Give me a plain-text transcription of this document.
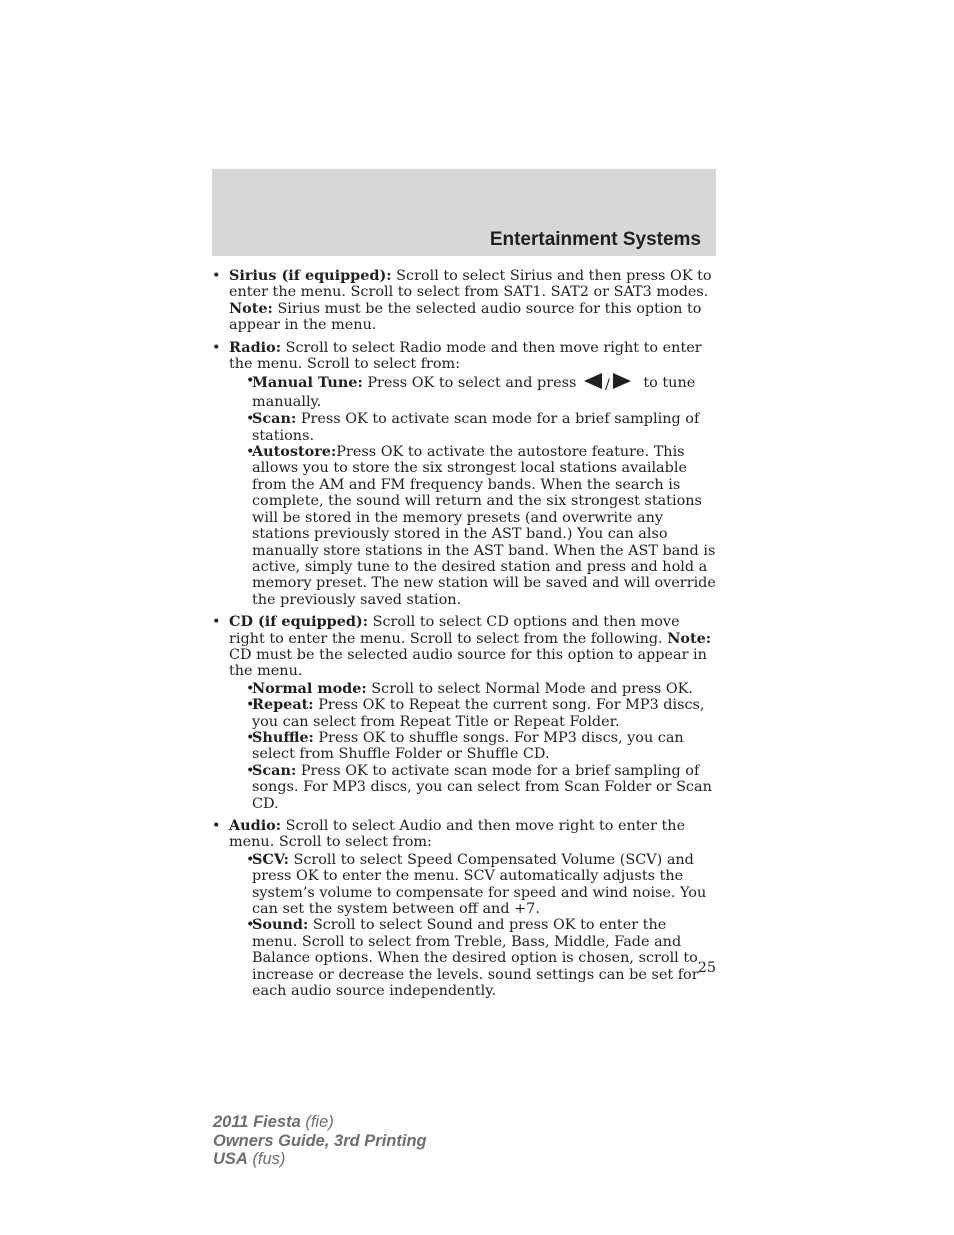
Entertainment Systems
• Sirius (if equipped): Scroll to select Sirius and then press OK to enter the menu. Scroll to select from SAT1. SAT2 or SAT3 modes. Note: Sirius must be the selected audio source for this option to appear in the menu.
• Radio: Scroll to select Radio mode and then move right to enter the menu. Scroll to select from:
•
Manual Tune: Press OK to select and press / to tune manually.
•
Scan: Press OK to activate scan mode for a brief sampling of stations.
•
Autostore:Press OK to activate the autostore feature. This allows you to store the six strongest local stations available from the AM and FM frequency bands. When the search is complete, the sound will return and the six strongest stations will be stored in the memory presets (and overwrite any stations previously stored in the AST band.) You can also manually store stations in the AST band. When the AST band is active, simply tune to the desired station and press and hold a memory preset. The new station will be saved and will override the previously saved station.
• CD (if equipped): Scroll to select CD options and then move right to enter the menu. Scroll to select from the following. Note: CD must be the selected audio source for this option to appear in the menu.
•
Normal mode: Scroll to select Normal Mode and press OK.
•
Repeat: Press OK to Repeat the current song. For MP3 discs, you can select from Repeat Title or Repeat Folder.
•
Shuffle: Press OK to shuffle songs. For MP3 discs, you can select from Shuffle Folder or Shuffle CD.
•
Scan: Press OK to activate scan mode for a brief sampling of songs. For MP3 discs, you can select from Scan Folder or Scan CD.
• Audio: Scroll to select Audio and then move right to enter the menu. Scroll to select from:
•
SCV: Scroll to select Speed Compensated Volume (SCV) and press OK to enter the menu. SCV automatically adjusts the system’s volume to compensate for speed and wind noise. You can set the system between off and +7.
•
Sound: Scroll to select Sound and press OK to enter the menu. Scroll to select from Treble, Bass, Middle, Fade and Balance options. When the desired option is chosen, scroll to increase or decrease the levels. sound settings can be set for each audio source independently.
25
2011 Fiesta (fie)
Owners Guide, 3rd Printing
USA (fus)
